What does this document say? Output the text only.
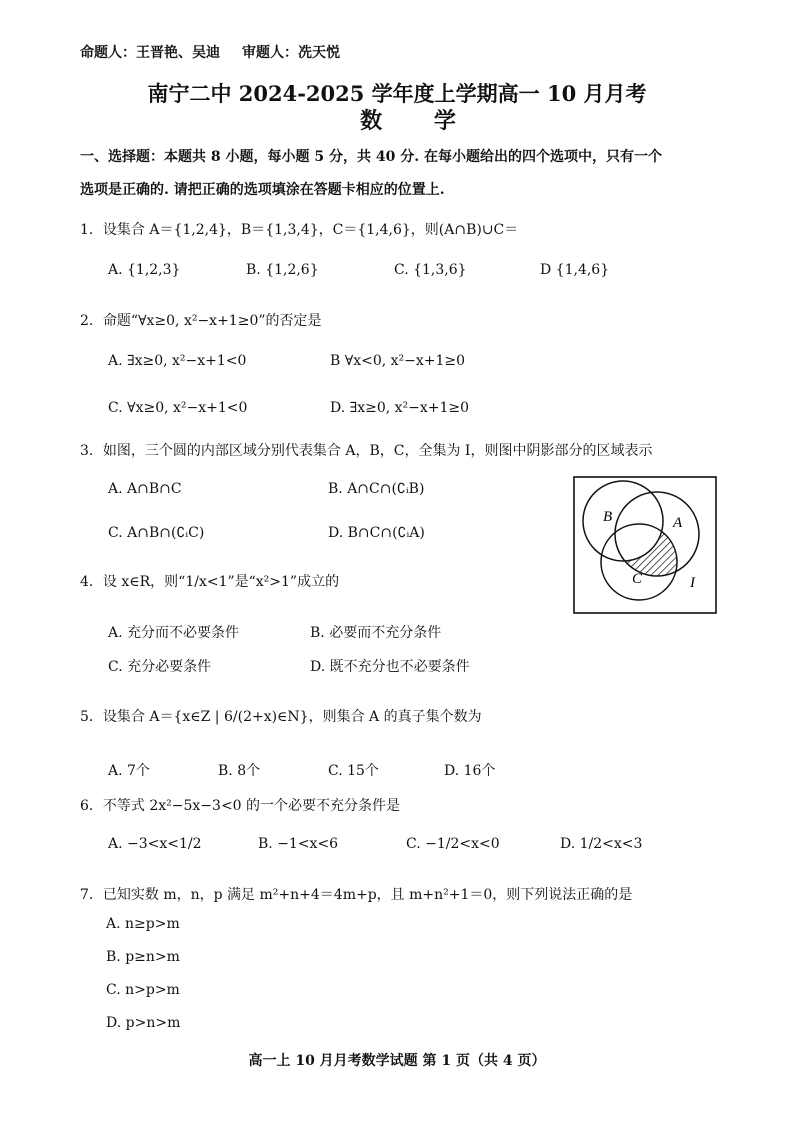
命题人：王晋艳、吴迪 审题人：冼天悦
南宁二中 2024-2025 学年度上学期高一 10 月月考
数 学
一、选择题：本题共 8 小题，每小题 5 分，共 40 分. 在每小题给出的四个选项中，只有一个
选项是正确的. 请把正确的选项填涂在答题卡相应的位置上.
1．设集合 A＝{1,2,4}，B＝{1,3,4}，C＝{1,4,6}，则(A∩B)∪C＝
A. {1,2,3}	B. {1,2,6}	C. {1,3,6}	D {1,4,6}
2．命题“∀x≥0, x²−x+1≥0”的否定是
A. ∃x≥0, x²−x+1<0	B ∀x<0, x²−x+1≥0
C. ∀x≥0, x²−x+1<0	D. ∃x≥0, x²−x+1≥0
3．如图，三个圆的内部区域分别代表集合 A，B，C，全集为 I，则图中阴影部分的区域表示
A. A∩B∩C	B. A∩C∩(∁ᵢB)
C. A∩B∩(∁ᵢC)	D. B∩C∩(∁ᵢA)
B	A
C	I
4．设 x∈R，则“1/x<1”是“x²>1”成立的
A. 充分而不必要条件	B. 必要而不充分条件
C. 充分必要条件	D. 既不充分也不必要条件
5．设集合 A＝{x∈Z | 6/(2+x)∈N}，则集合 A 的真子集个数为
A. 7个	B. 8个	C. 15个	D. 16个
6．不等式 2x²−5x−3<0 的一个必要不充分条件是
A. −3<x<1/2	B. −1<x<6	C. −1/2<x<0	D. 1/2<x<3
7．已知实数 m，n，p 满足 m²+n+4＝4m+p，且 m+n²+1＝0，则下列说法正确的是
A. n≥p>m
B. p≥n>m
C. n>p>m
D. p>n>m
高一上 10 月月考数学试题 第 1 页（共 4 页）
